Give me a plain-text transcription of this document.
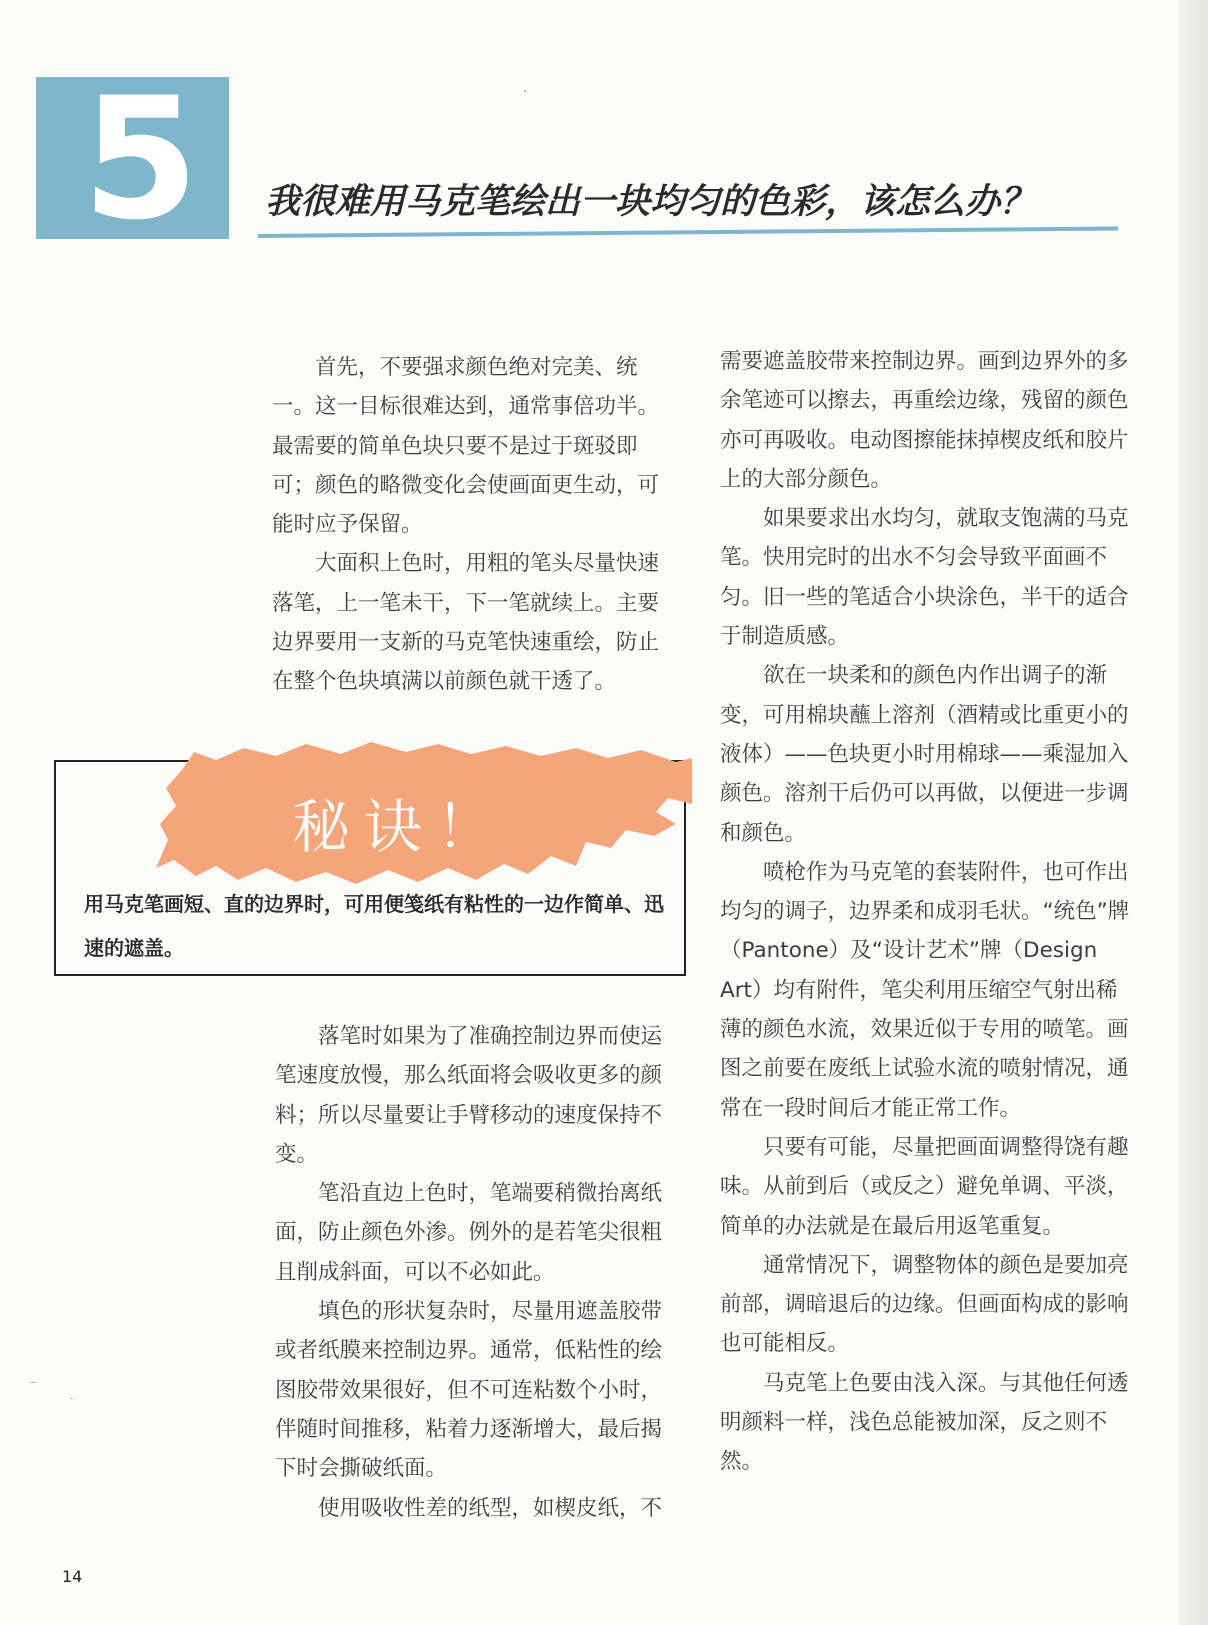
5 我很难用马克笔绘出一块均匀的色彩，该怎么办？

首先，不要强求颜色绝对完美、统一。这一目标很难达到，通常事倍功半。最需要的简单色块只要不是过于斑驳即可；颜色的略微变化会使画面更生动，可能时应予保留。

大面积上色时，用粗的笔头尽量快速落笔，上一笔未干，下一笔就续上。主要边界要用一支新的马克笔快速重绘，防止在整个色块填满以前颜色就干透了。

秘诀！
用马克笔画短、直的边界时，可用便笺纸有粘性的一边作简单、迅速的遮盖。

落笔时如果为了准确控制边界而使运笔速度放慢，那么纸面将会吸收更多的颜料；所以尽量要让手臂移动的速度保持不变。

笔沿直边上色时，笔端要稍微抬离纸面，防止颜色外渗。例外的是若笔尖很粗且削成斜面，可以不必如此。

填色的形状复杂时，尽量用遮盖胶带或者纸膜来控制边界。通常，低粘性的绘图胶带效果很好，但不可连粘数个小时，伴随时间推移，粘着力逐渐增大，最后揭下时会撕破纸面。

使用吸收性差的纸型，如楔皮纸，不

需要遮盖胶带来控制边界。画到边界外的多余笔迹可以擦去，再重绘边缘，残留的颜色亦可再吸收。电动图擦能抹掉楔皮纸和胶片上的大部分颜色。

如果要求出水均匀，就取支饱满的马克笔。快用完时的出水不匀会导致平面画不匀。旧一些的笔适合小块涂色，半干的适合于制造质感。

欲在一块柔和的颜色内作出调子的渐变，可用棉块蘸上溶剂（酒精或比重更小的液体）——色块更小时用棉球——乘湿加入颜色。溶剂干后仍可以再做，以便进一步调和颜色。

喷枪作为马克笔的套装附件，也可作出均匀的调子，边界柔和成羽毛状。“统色”牌（Pantone）及“设计艺术”牌（Design Art）均有附件，笔尖利用压缩空气射出稀薄的颜色水流，效果近似于专用的喷笔。画图之前要在废纸上试验水流的喷射情况，通常在一段时间后才能正常工作。

只要有可能，尽量把画面调整得饶有趣味。从前到后（或反之）避免单调、平淡，简单的办法就是在最后用返笔重复。

通常情况下，调整物体的颜色是要加亮前部，调暗退后的边缘。但画面构成的影响也可能相反。

马克笔上色要由浅入深。与其他任何透明颜料一样，浅色总能被加深，反之则不然。

14
